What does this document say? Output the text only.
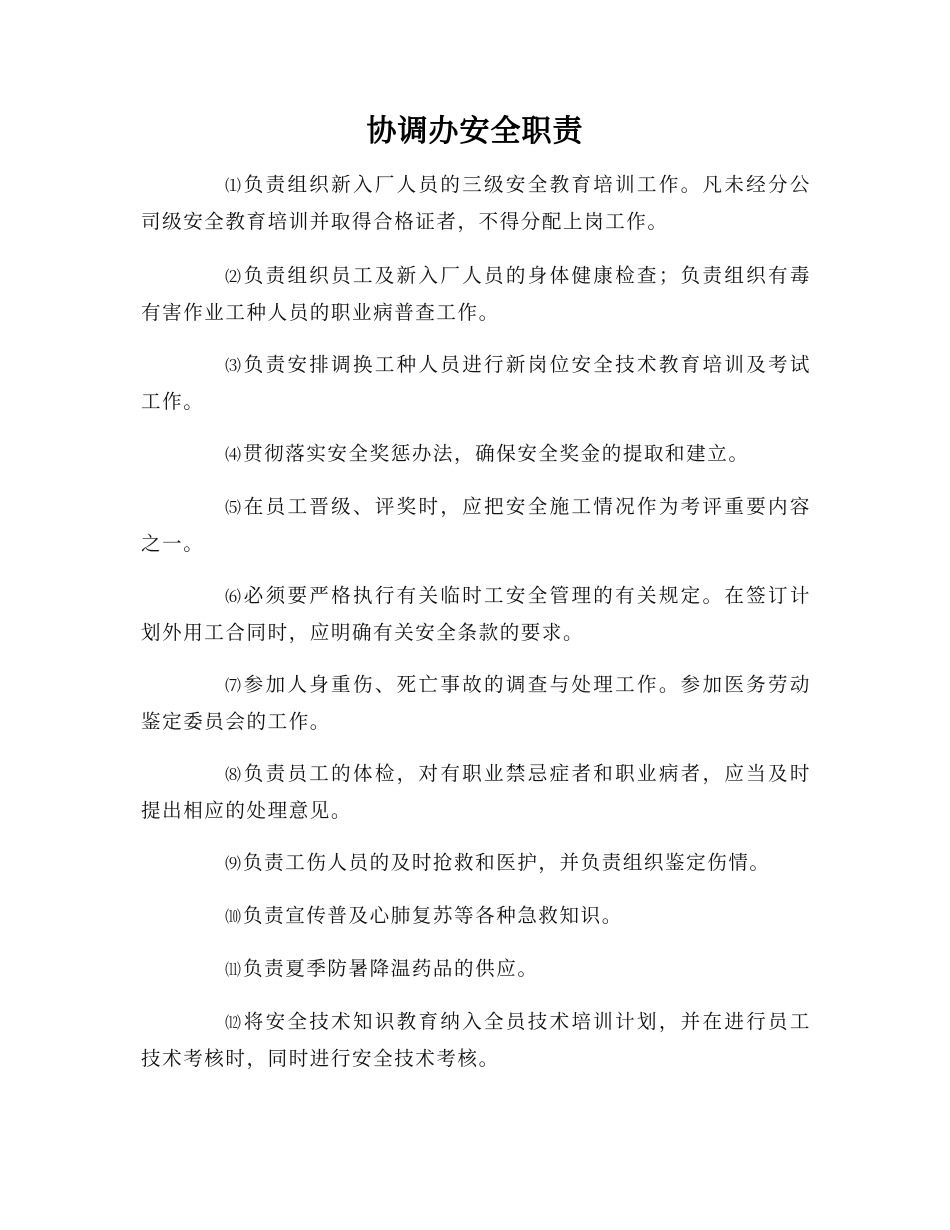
协调办安全职责

⑴ 负责组织新入厂人员的三级安全教育培训工作。凡未经分公司级安全教育培训并取得合格证者，不得分配上岗工作。

⑵ 负责组织员工及新入厂人员的身体健康检查；负责组织有毒有害作业工种人员的职业病普查工作。

⑶ 负责安排调换工种人员进行新岗位安全技术教育培训及考试工作。

⑷ 贯彻落实安全奖惩办法，确保安全奖金的提取和建立。

⑸ 在员工晋级、评奖时，应把安全施工情况作为考评重要内容之一。

⑹ 必须要严格执行有关临时工安全管理的有关规定。在签订计划外用工合同时，应明确有关安全条款的要求。

⑺ 参加人身重伤、死亡事故的调查与处理工作。参加医务劳动鉴定委员会的工作。

⑻ 负责员工的体检，对有职业禁忌症者和职业病者，应当及时提出相应的处理意见。

⑼ 负责工伤人员的及时抢救和医护，并负责组织鉴定伤情。

⑽ 负责宣传普及心肺复苏等各种急救知识。

⑾ 负责夏季防暑降温药品的供应。

⑿ 将安全技术知识教育纳入全员技术培训计划，并在进行员工技术考核时，同时进行安全技术考核。
